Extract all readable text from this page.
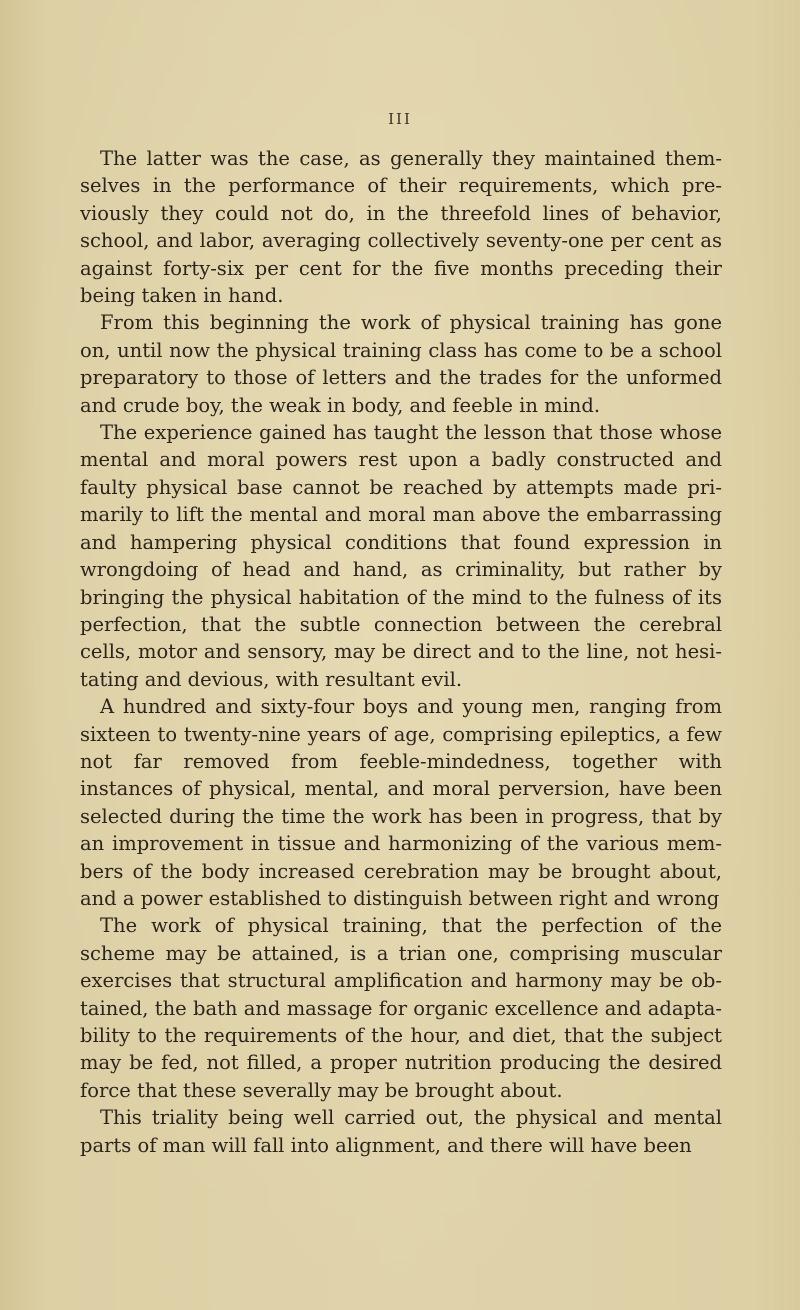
III

The latter was the case, as generally they maintained themselves in the performance of their requirements, which previously they could not do, in the threefold lines of behavior, school, and labor, averaging collectively seventy-one per cent as against forty-six per cent for the five months preceding their being taken in hand.

From this beginning the work of physical training has gone on, until now the physical training class has come to be a school preparatory to those of letters and the trades for the unformed and crude boy, the weak in body, and feeble in mind.

The experience gained has taught the lesson that those whose mental and moral powers rest upon a badly constructed and faulty physical base cannot be reached by attempts made primarily to lift the mental and moral man above the embarrassing and hampering physical conditions that found expression in wrongdoing of head and hand, as criminality, but rather by bringing the physical habitation of the mind to the fulness of its perfection, that the subtle connection between the cerebral cells, motor and sensory, may be direct and to the line, not hesitating and devious, with resultant evil.

A hundred and sixty-four boys and young men, ranging from sixteen to twenty-nine years of age, comprising epileptics, a few not far removed from feeble-mindedness, together with instances of physical, mental, and moral perversion, have been selected during the time the work has been in progress, that by an improvement in tissue and harmonizing of the various members of the body increased cerebration may be brought about, and a power established to distinguish between right and wrong

The work of physical training, that the perfection of the scheme may be attained, is a trian one, comprising muscular exercises that structural amplification and harmony may be obtained, the bath and massage for organic excellence and adaptability to the requirements of the hour, and diet, that the subject may be fed, not filled, a proper nutrition producing the desired force that these severally may be brought about.

This triality being well carried out, the physical and mental parts of man will fall into alignment, and there will have been
